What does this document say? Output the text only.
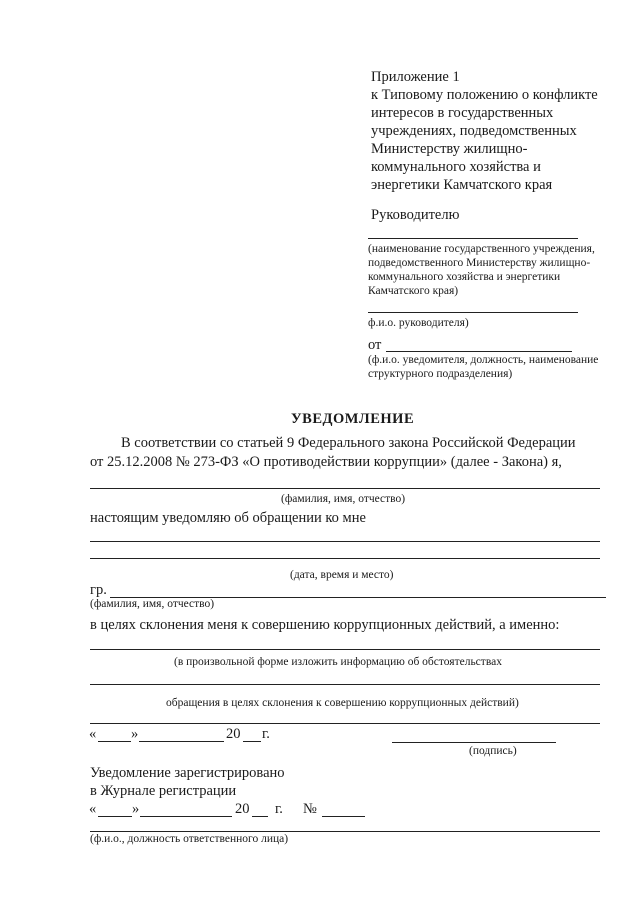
Приложение 1
к Типовому положению о конфликте
интересов в государственных
учреждениях, подведомственных
Министерству жилищно-
коммунального хозяйства и
энергетики Камчатского края
Руководителю
(наименование государственного учреждения,
подведомственного Министерству жилищно-
коммунального хозяйства и энергетики
Камчатского края)
ф.и.о. руководителя)
от
(ф.и.о. уведомителя, должность, наименование
структурного подразделения)
УВЕДОМЛЕНИЕ
В соответствии со статьей 9 Федерального закона Российской Федерации
от 25.12.2008 № 273-ФЗ «О противодействии коррупции» (далее - Закона) я,
(фамилия, имя, отчество)
настоящим уведомляю об обращении ко мне
(дата, время и место)
гр.
(фамилия, имя, отчество)
в целях склонения меня к совершению коррупционных действий, а именно:
(в произвольной форме изложить информацию об обстоятельствах
обращения в целях склонения к совершению коррупционных действий)
« »	20 г.
(подпись)
Уведомление зарегистрировано
в Журнале регистрации
« »	20 г. №
(ф.и.о., должность ответственного лица)
